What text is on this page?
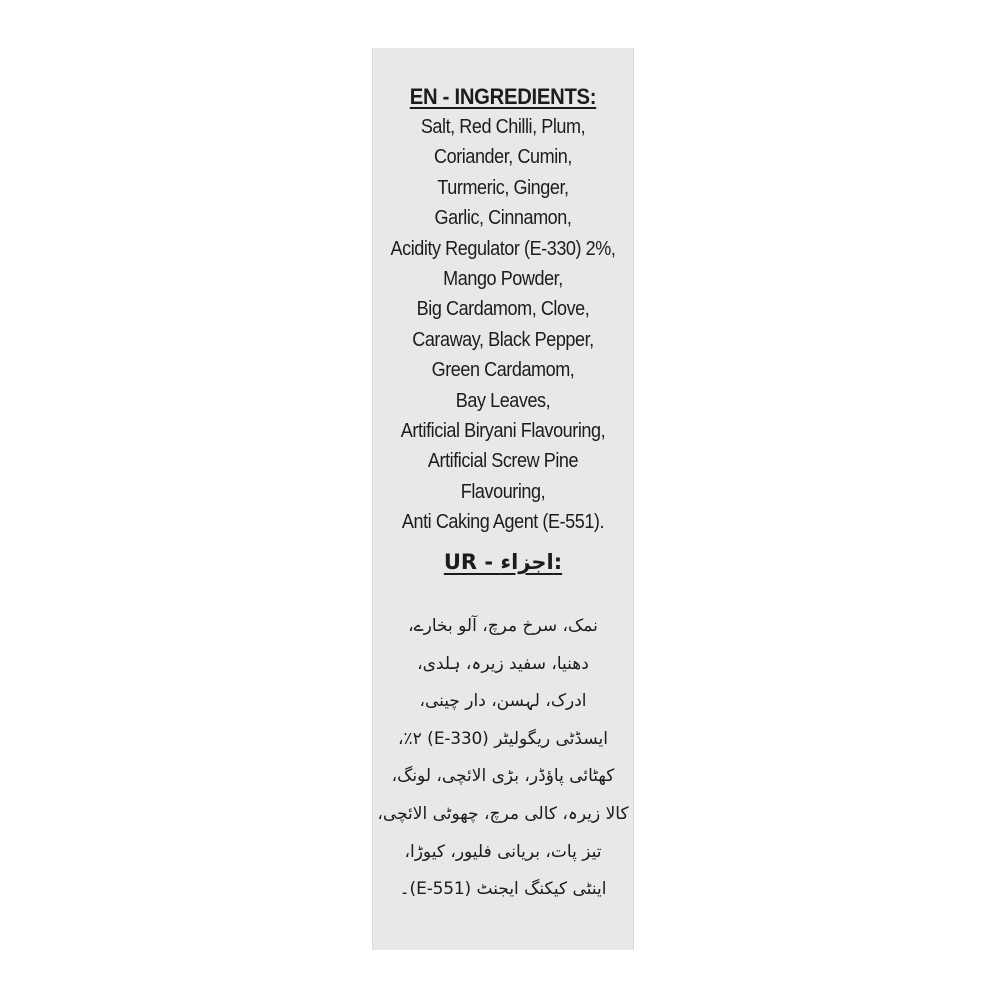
EN - INGREDIENTS:
Salt, Red Chilli, Plum,
Coriander, Cumin,
Turmeric, Ginger,
Garlic, Cinnamon,
Acidity Regulator (E-330) 2%,
Mango Powder,
Big Cardamom, Clove,
Caraway, Black Pepper,
Green Cardamom,
Bay Leaves,
Artificial Biryani Flavouring,
Artificial Screw Pine
Flavouring,
Anti Caking Agent (E-551).
UR - اجزاء:
نمک، سرخ مرچ، آلو بخارے،
دھنیا، سفید زیرہ، ہلدی،
ادرک، لہسن، دار چینی،
ایسڈٹی ریگولیٹر (E-330) ٪۲،
کھٹائی پاؤڈر، بڑی الائچی، لونگ،
کالا زیرہ، کالی مرچ، چھوٹی الائچی،
تیز پات، بریانی فلیور، کیوڑا،
اینٹی کیکنگ ایجنٹ (E-551)۔
